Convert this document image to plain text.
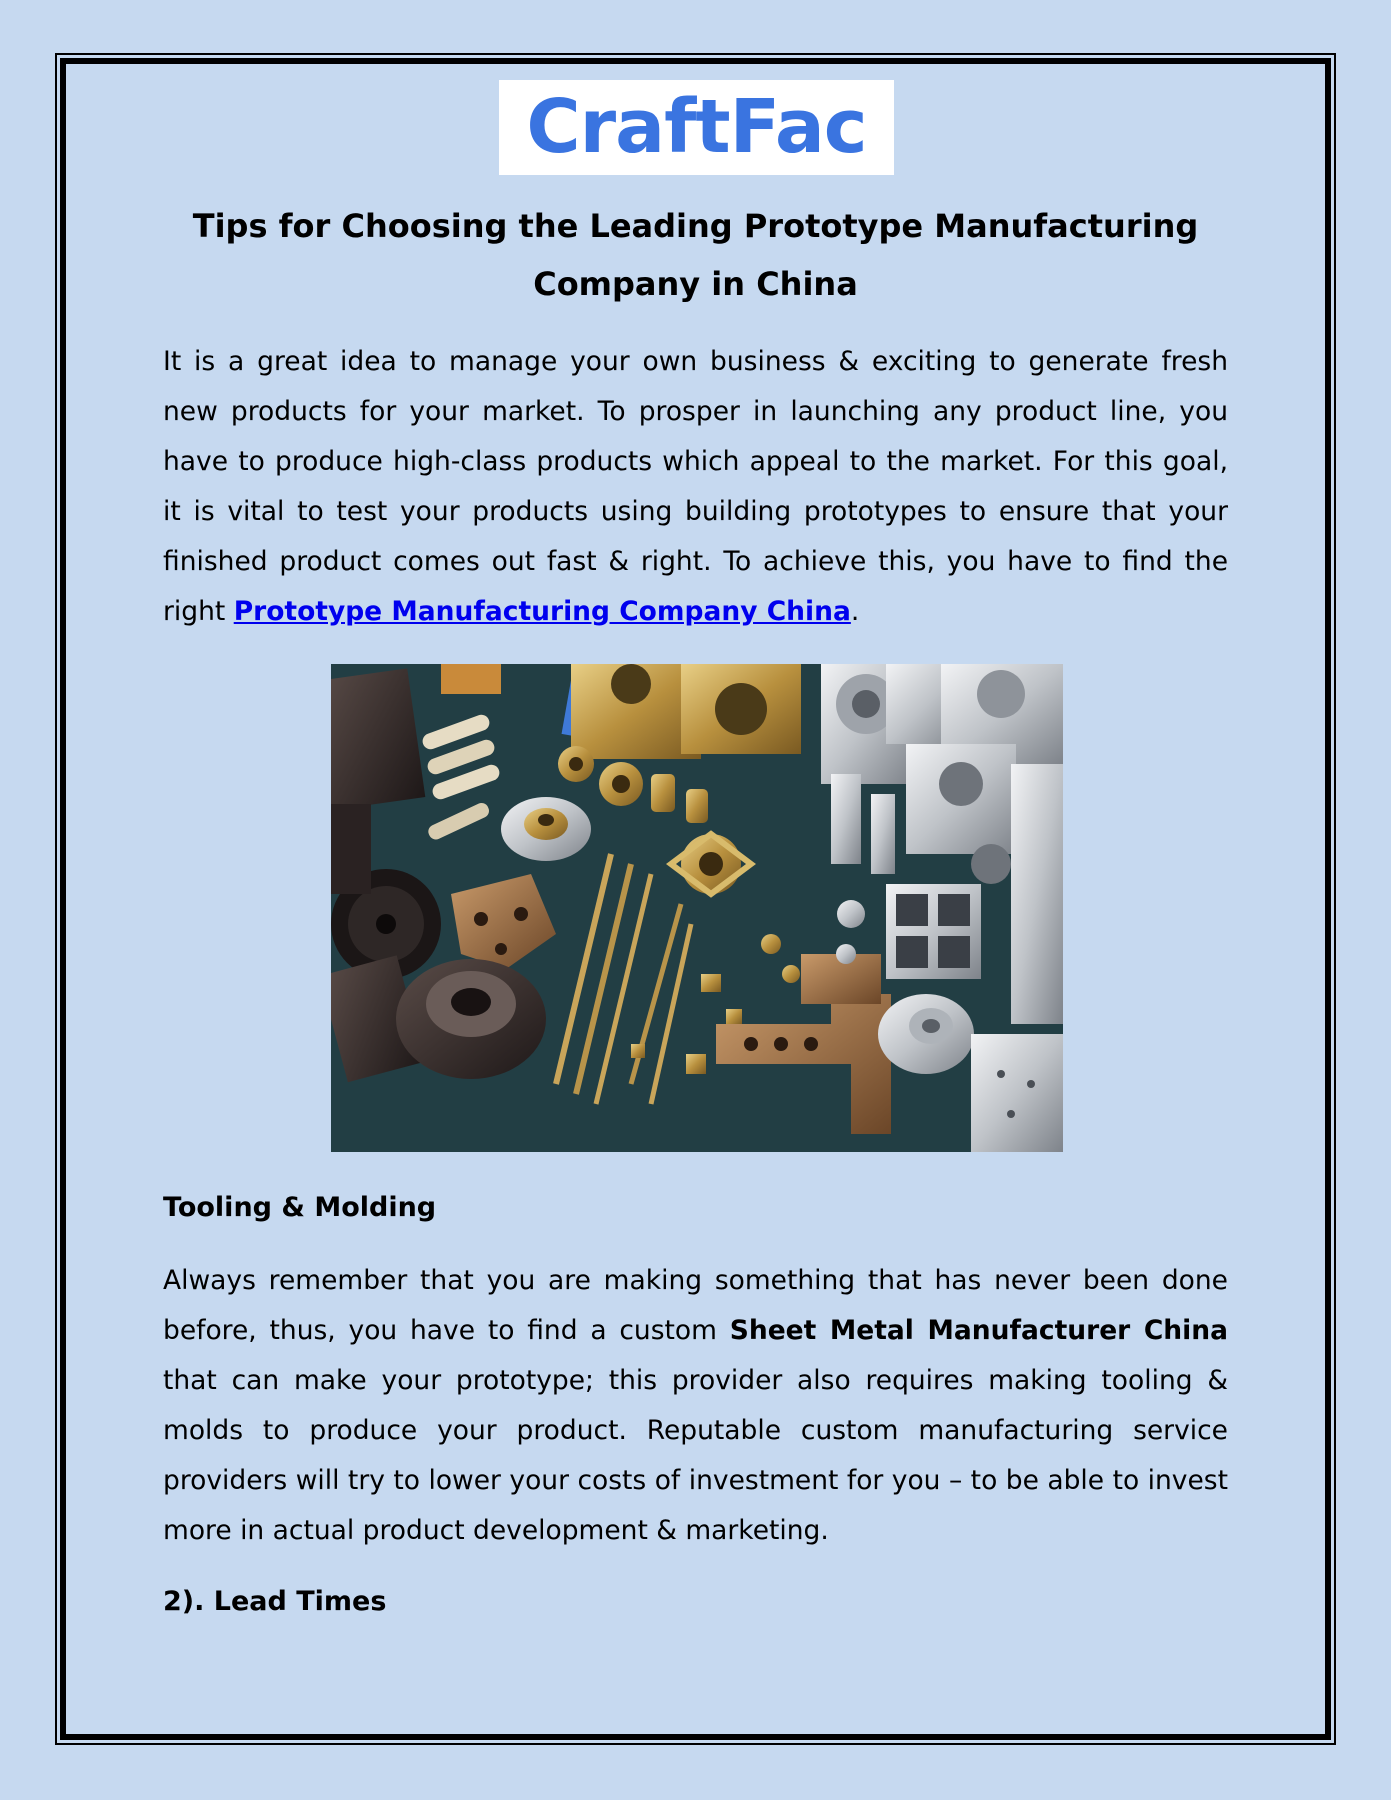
CraftFac
Tips for Choosing the Leading Prototype Manufacturing Company in China

It is a great idea to manage your own business & exciting to generate fresh new products for your market. To prosper in launching any product line, you have to produce high-class products which appeal to the market. For this goal, it is vital to test your products using building prototypes to ensure that your finished product comes out fast & right. To achieve this, you have to find the right Prototype Manufacturing Company China.

Tooling & Molding

Always remember that you are making something that has never been done before, thus, you have to find a custom Sheet Metal Manufacturer China that can make your prototype; this provider also requires making tooling & molds to produce your product. Reputable custom manufacturing service providers will try to lower your costs of investment for you – to be able to invest more in actual product development & marketing.

2). Lead Times
